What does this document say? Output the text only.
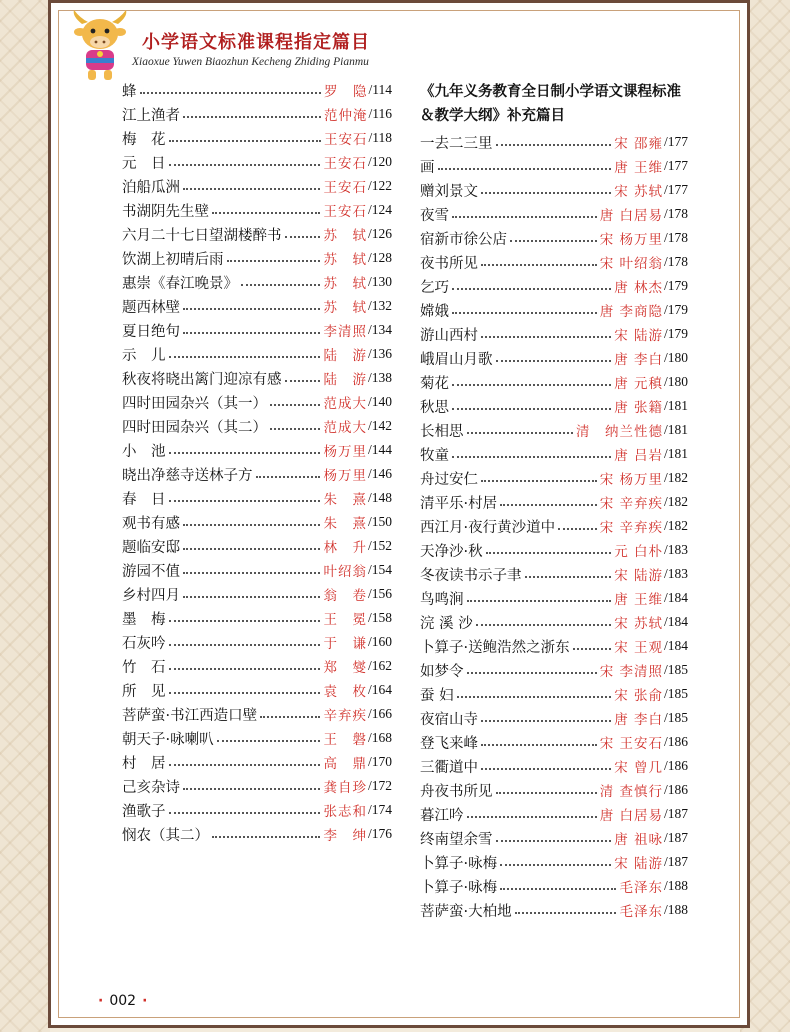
小学语文标准课程指定篇目
Xiaoxue Yuwen Biaozhun Kecheng Zhiding Pianmu
蜂	罗　隐 /114
江上渔者	范仲淹 /116
梅　花	王安石 /118
元　日	王安石 /120
泊船瓜洲	王安石 /122
书湖阴先生壁	王安石 /124
六月二十七日望湖楼醉书	苏　轼 /126
饮湖上初晴后雨	苏　轼 /128
惠崇《春江晚景》	苏　轼 /130
题西林壁	苏　轼 /132
夏日绝句	李清照 /134
示　儿	陆　游 /136
秋夜将晓出篱门迎凉有感	陆　游 /138
四时田园杂兴（其一）	范成大 /140
四时田园杂兴（其二）	范成大 /142
小　池	杨万里 /144
晓出净慈寺送林子方	杨万里 /146
春　日	朱　熹 /148
观书有感	朱　熹 /150
题临安邸	林　升 /152
游园不值	叶绍翁 /154
乡村四月	翁　卷 /156
墨　梅	王　冕 /158
石灰吟	于　谦 /160
竹　石	郑　燮 /162
所　见	袁　枚 /164
菩萨蛮·书江西造口壁	辛弃疾 /166
朝天子·咏喇叭	王　磐 /168
村　居	高　鼎 /170
己亥杂诗	龚自珍 /172
渔歌子	张志和 /174
悯农（其二）	李　绅 /176
《九年义务教育全日制小学语文课程标准＆教学大纲》补充篇目
一去二三里	宋 邵雍 /177
画	唐 王维 /177
赠刘景文	宋 苏轼 /177
夜雪	唐 白居易 /178
宿新市徐公店	宋 杨万里 /178
夜书所见	宋 叶绍翁 /178
乞巧	唐 林杰 /179
嫦娥	唐 李商隐 /179
游山西村	宋 陆游 /179
峨眉山月歌	唐 李白 /180
菊花	唐 元稹 /180
秋思	唐 张籍 /181
长相思	清　纳兰性德 /181
牧童	唐 吕岩 /181
舟过安仁	宋 杨万里 /182
清平乐·村居	宋 辛弃疾 /182
西江月·夜行黄沙道中	宋 辛弃疾 /182
天净沙·秋	元 白朴 /183
冬夜读书示子聿	宋 陆游 /183
鸟鸣涧	唐 王维 /184
浣 溪 沙	宋 苏轼 /184
卜算子·送鲍浩然之浙东	宋 王观 /184
如梦令	宋 李清照 /185
蚕 妇	宋 张俞 /185
夜宿山寺	唐 李白 /185
登飞来峰	宋 王安石 /186
三衢道中	宋 曾几 /186
舟夜书所见	清 查慎行 /186
暮江吟	唐 白居易 /187
终南望余雪	唐 祖咏 /187
卜算子·咏梅	宋 陆游 /187
卜算子·咏梅	毛泽东 /188
菩萨蛮·大柏地	毛泽东 /188
· 002 ·
